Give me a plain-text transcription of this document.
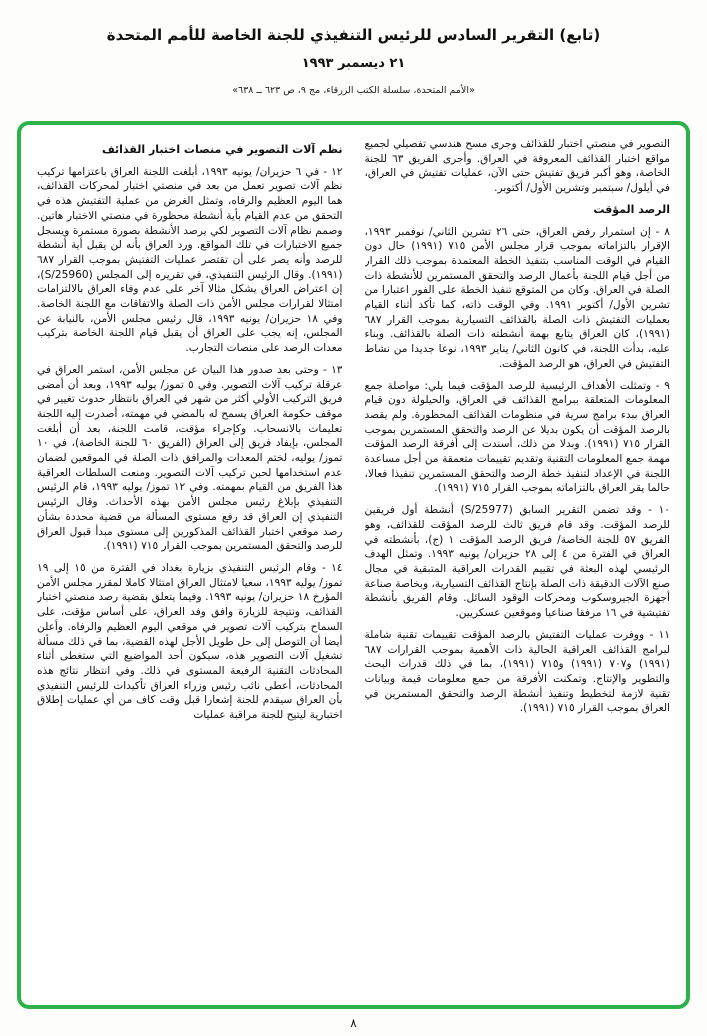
(تابع) التقرير السادس للرئيس التنفيذي للجنة الخاصة للأمم المتحدة
٢١ ديسمبر ١٩٩٣
«الأمم المتحدة، سلسلة الكتب الزرقاء، مج ٩، ص ٦٢٣ ــ ٦٣٨»

التصوير في منصتي اختبار للقذائف وجرى مسح هندسي تفصيلي لجميع مواقع اختبار القذائف المعروفة في العراق. وأجرى الفريق ٦٣ للجنة الخاصة، وهو أكبر فريق تفتيش حتى الآن، عمليات تفتيش في العراق، في أيلول/ سبتمبر وتشرين الأول/ أكتوبر.

الرصد المؤقت

٨ - إن استمرار رفض العراق، حتى ٢٦ تشرين الثاني/ نوفمبر ١٩٩٣، الإقرار بالتزاماته بموجب قرار مجلس الأمن ٧١٥ (١٩٩١) حال دون القيام في الوقت المناسب بتنفيذ الخطة المعتمدة بموجب ذلك القرار من أجل قيام اللجنة بأعمال الرصد والتحقق المستمرين للأنشطة ذات الصلة في العراق. وكان من المتوقع تنفيذ الخطة على الفور اعتبارا من تشرين الأول/ أكتوبر ١٩٩١. وفي الوقت ذاته، كما تأكد أثناء القيام بعمليات التفتيش ذات الصلة بالقذائف التسيارية بموجب القرار ٦٨٧ (١٩٩١)، كان العراق يتابع بهمة أنشطته ذات الصلة بالقذائف. وبناء عليه، بدأت اللجنة، في كانون الثاني/ يناير ١٩٩٣، نوعا جديدا من نشاط التفتيش في العراق، هو الرصد المؤقت.

٩ - وتمثلت الأهداف الرئيسية للرصد المؤقت فيما يلي: مواصلة جمع المعلومات المتعلقة ببرامج القذائف في العراق، والحيلولة دون قيام العراق ببدء برامج سرية في منظومات القذائف المحظورة. ولم يقصد بالرصد المؤقت أن يكون بديلا عن الرصد والتحقق المستمرين بموجب القرار ٧١٥ (١٩٩١). وبدلا من ذلك، أسندت إلى أفرقة الرصد المؤقت مهمة جمع المعلومات التقنية وتقديم تقييمات متعمقة من أجل مساعدة اللجنة في الإعداد لتنفيذ خطة الرصد والتحقق المستمرين تنفيذا فعالا، حالما يقر العراق بالتزاماته بموجب القرار ٧١٥ (١٩٩١).

١٠ - وقد تضمن التقرير السابق (S/25977) أنشطة أول فريقين للرصد المؤقت. وقد قام فريق ثالث للرصد المؤقت للقذائف، وهو الفريق ٥٧ للجنة الخاصة/ فريق الرصد المؤقت ١ (ج)، بأنشطته في العراق في الفترة من ٤ إلى ٢٨ حزيران/ يونيه ١٩٩٣. وتمثل الهدف الرئيسي لهذه البعثة في تقييم القدرات العراقية المتبقية في مجال صنع الآلات الدقيقة ذات الصلة بإنتاج القذائف التسيارية، وبخاصة صناعة أجهزة الجيروسكوب ومحركات الوقود السائل. وقام الفريق بأنشطة تفتيشية في ١٦ مرفقا صناعيا وموقعين عسكريين.

١١ - ووفرت عمليات التفتيش بالرصد المؤقت تقييمات تقنية شاملة لبرامج القذائف العراقية الحالية ذات الأهمية بموجب القرارات ٦٨٧ (١٩٩١) و٧٠٧ (١٩٩١) و٧١٥ (١٩٩١)، بما في ذلك قدرات البحث والتطوير والإنتاج. وتمكنت الأفرقة من جمع معلومات قيمة وبيانات تقنية لازمة لتخطيط وتنفيذ أنشطة الرصد والتحقق المستمرين في العراق بموجب القرار ٧١٥ (١٩٩١).

نظم آلات التصوير في منصات اختبار القذائف

١٢ - في ٦ حزيران/ يونيه ١٩٩٣، أبلغت اللجنة العراق باعتزامها تركيب نظم آلات تصوير تعمل من بعد في منصتي اختبار لمحركات القذائف، هما اليوم العظيم والرفاه، وتمثل الغرض من عملية التفتيش هذه في التحقق من عدم القيام بأية أنشطة محظورة في منصتي الاختبار هاتين. وصمم نظام آلات التصوير لكي يرصد الأنشطة بصورة مستمرة ويسجل جميع الاختبارات في تلك المواقع. ورد العراق بأنه لن يقبل أية أنشطة للرصد وأنه يصر على أن تقتصر عمليات التفتيش بموجب القرار ٦٨٧ (١٩٩١). وقال الرئيس التنفيذي، في تقريره إلى المجلس (S/25960)، إن اعتراض العراق يشكل مثالا آخر على عدم وفاء العراق بالالتزامات امتثالا لقرارات مجلس الأمن ذات الصلة والاتفاقات مع اللجنة الخاصة. وفي ١٨ حزيران/ يونيه ١٩٩٣، قال رئيس مجلس الأمن، بالنيابة عن المجلس، إنه يجب على العراق أن يقبل قيام اللجنة الخاصة بتركيب معدات الرصد على منصات التجارب.

١٣ - وحتى بعد صدور هذا البيان عن مجلس الأمن، استمر العراق في عرقلة تركيب آلات التصوير. وفي ٥ تموز/ يوليه ١٩٩٣، وبعد أن أمضى فريق التركيب الأولي أكثر من شهر في العراق بانتظار حدوث تغيير في موقف حكومة العراق يسمح له بالمضي في مهمته، أصدرت إليه اللجنة تعليمات بالانسحاب. وكإجراء مؤقت، قامت اللجنة، بعد أن أبلغت المجلس، بإيفاد فريق إلى العراق (الفريق ٦٠ للجنة الخاصة)، في ١٠ تموز/ يوليه، لختم المعدات والمرافق ذات الصلة في الموقعين لضمان عدم استخدامها لحين تركيب آلات التصوير. ومنعت السلطات العراقية هذا الفريق من القيام بمهمته. وفي ١٢ تموز/ يوليه ١٩٩٣، قام الرئيس التنفيذي بإبلاغ رئيس مجلس الأمن بهذه الأحداث. وقال الرئيس التنفيذي إن العراق قد رفع مستوى المسألة من قضية محددة بشأن رصد موقعي اختبار القذائف المذكورين إلى مستوى مبدأ قبول العراق للرصد والتحقق المستمرين بموجب القرار ٧١٥ (١٩٩١).

١٤ - وقام الرئيس التنفيذي بزيارة بغداد في الفترة من ١٥ إلى ١٩ تموز/ يوليه ١٩٩٣، سعيا لامتثال العراق امتثالا كاملا لمقرر مجلس الأمن المؤرخ ١٨ حزيران/ يونيه ١٩٩٣. وفيما يتعلق بقضية رصد منصتي اختبار القذائف، ونتيجة للزيارة وافق وفد العراق، على أساس مؤقت، على السماح بتركيب آلات تصوير في موقعي اليوم العظيم والرفاه. وأعلن أيضا أن التوصل إلى حل طويل الأجل لهذه القضية، بما في ذلك مسألة تشغيل آلات التصوير هذه، سيكون أحد المواضيع التي ستغطى أثناء المحادثات التقنية الرفيعة المستوى في ذلك. وفي انتظار نتائج هذه المحادثات، أعطى نائب رئيس وزراء العراق تأكيدات للرئيس التنفيذي بأن العراق سيقدم للجنة إشعارا قبل وقت كاف من أي عمليات إطلاق اختبارية ليتيح للجنة مراقبة عمليات

٨
